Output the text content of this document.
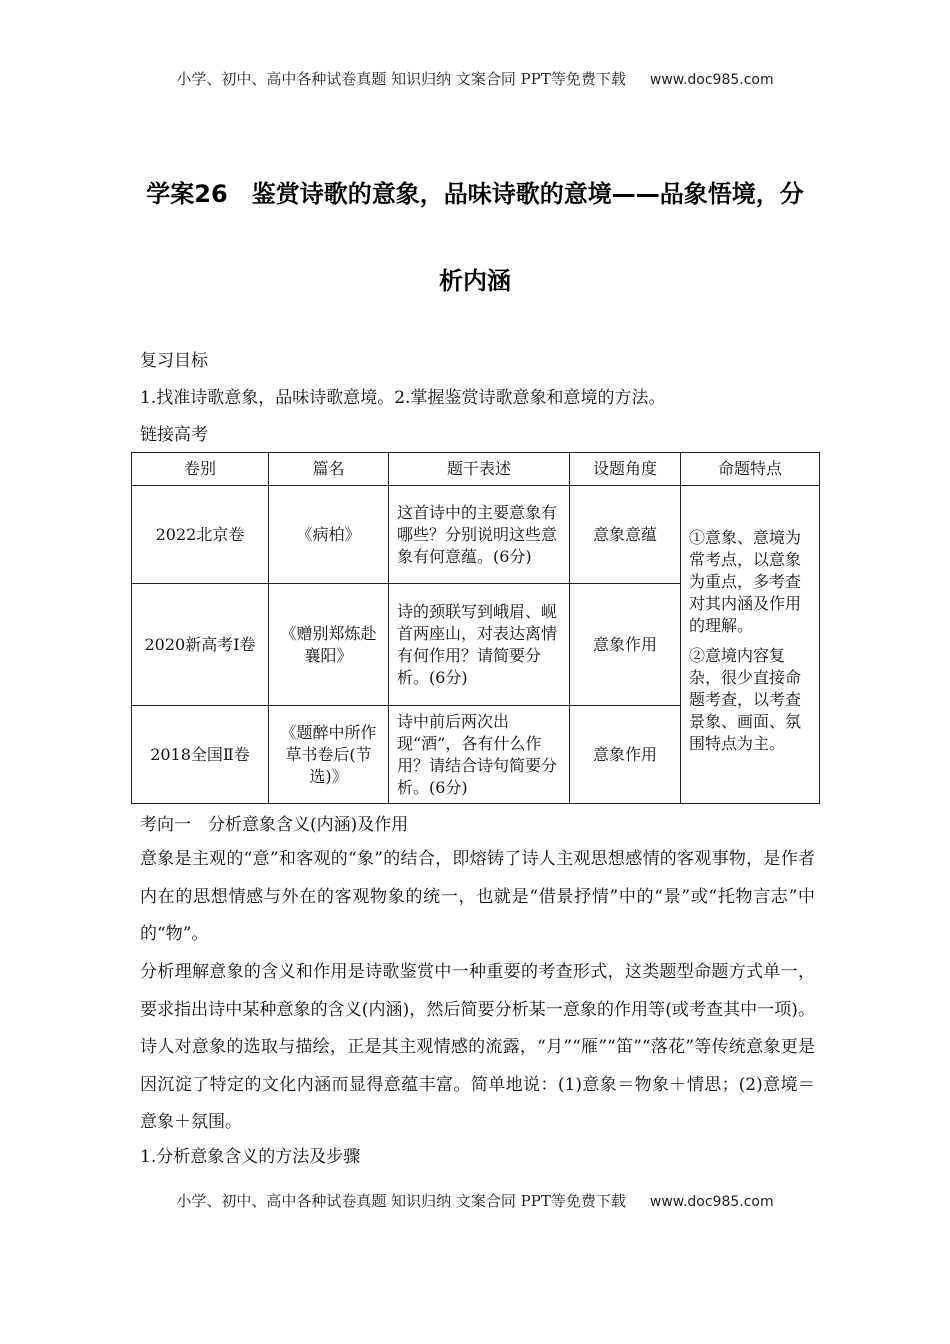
小学、初中、高中各种试卷真题 知识归纳 文案合同 PPT等免费下载 www.doc985.com
学案26　鉴赏诗歌的意象，品味诗歌的意境——品象悟境，分
析内涵
复习目标
1.找准诗歌意象，品味诗歌意境。2.掌握鉴赏诗歌意象和意境的方法。
链接高考
卷别	篇名	题干表述	设题角度	命题特点
2022北京卷	《病柏》	这首诗中的主要意象有哪些？分别说明这些意象有何意蕴。(6分)	意象意蕴	①意象、意境为常考点，以意象为重点，多考查对其内涵及作用的理解。

②意境内容复杂，很少直接命题考查，以考查景象、画面、氛围特点为主。

2020新高考Ⅰ卷	《赠别郑炼赴襄阳》	诗的颈联写到峨眉、岘首两座山，对表达离情有何作用？请简要分析。(6分)	意象作用	
2018全国Ⅱ卷	《题醉中所作草书卷后(节选)》	诗中前后两次出现“酒”，各有什么作用？请结合诗句简要分析。(6分)	意象作用	
考向一　分析意象含义(内涵)及作用
意象是主观的“意”和客观的“象”的结合，即熔铸了诗人主观思想感情的客观事物，是作者内在的思想情感与外在的客观物象的统一，也就是“借景抒情”中的“景”或“托物言志”中的“物”。
分析理解意象的含义和作用是诗歌鉴赏中一种重要的考查形式，这类题型命题方式单一，要求指出诗中某种意象的含义(内涵)，然后简要分析某一意象的作用等(或考查其中一项)。诗人对意象的选取与描绘，正是其主观情感的流露，“月”“雁”“笛”“落花”等传统意象更是因沉淀了特定的文化内涵而显得意蕴丰富。简单地说：(1)意象＝物象＋情思；(2)意境＝意象＋氛围。
1.分析意象含义的方法及步骤
小学、初中、高中各种试卷真题 知识归纳 文案合同 PPT等免费下载 www.doc985.com
